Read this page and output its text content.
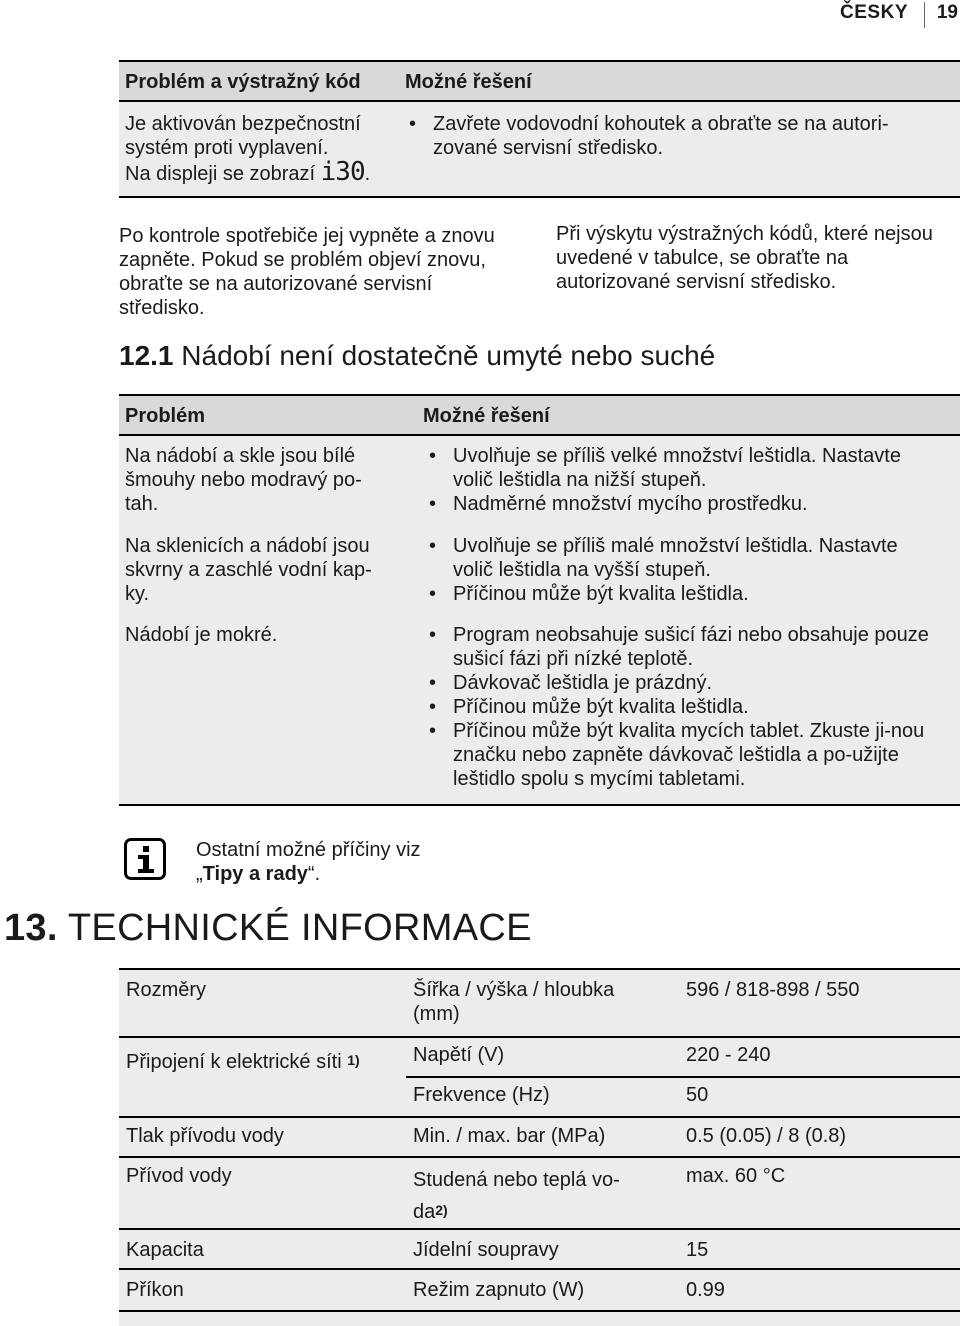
ČESKY 19
Problém a výstražný kód Možné řešení
Je aktivován bezpečnostní
systém proti vyplavení.
Na displeji se zobrazí i30.
• Zavřete vodovodní kohoutek a obraťte se na autori-zované servisní středisko.
Po kontrole spotřebiče jej vypněte a znovu zapněte. Pokud se problém objeví znovu, obraťte se na autorizované servisní středisko.
Při výskytu výstražných kódů, které nejsou uvedené v tabulce, se obraťte na autorizované servisní středisko.
12.1 Nádobí není dostatečně umyté nebo suché
Problém	Možné řešení
Na nádobí a skle jsou bílé šmouhy nebo modravý po-tah.
• Uvolňuje se příliš velké množství leštidla. Nastavte volič leštidla na nižší stupeň.
• Nadměrné množství mycího prostředku.
Na sklenicích a nádobí jsou skvrny a zaschlé vodní kap-ky.
• Uvolňuje se příliš malé množství leštidla. Nastavte volič leštidla na vyšší stupeň.
• Příčinou může být kvalita leštidla.
Nádobí je mokré.
•	Program neobsahuje sušicí fázi nebo obsahuje pouze sušicí fázi při nízké teplotě.
• Dávkovač leštidla je prázdný.
• Příčinou může být kvalita leštidla.
• Příčinou může být kvalita mycích tablet. Zkuste ji-nou značku nebo zapněte dávkovač leštidla a po-užijte leštidlo spolu s mycími tabletami.
Ostatní možné příčiny viz
„Tipy a rady“.
13. TECHNICKÉ INFORMACE
Rozměry	Šířka / výška / hloubka (mm)
596 / 818-898 / 550
Připojení k elektrické síti $^{1)}$	Napětí (V)	220 - 240
Frekvence (Hz)	50
Tlak přívodu vody	Min. / max. bar (MPa)	0.5 (0.05) / 8 (0.8)
Přívod vody	Studená nebo teplá $vo-da^{2)}$
max. 60 °C
Kapacita	Jídelní soupravy	15
Příkon	Režim zapnuto (W)	0.99
